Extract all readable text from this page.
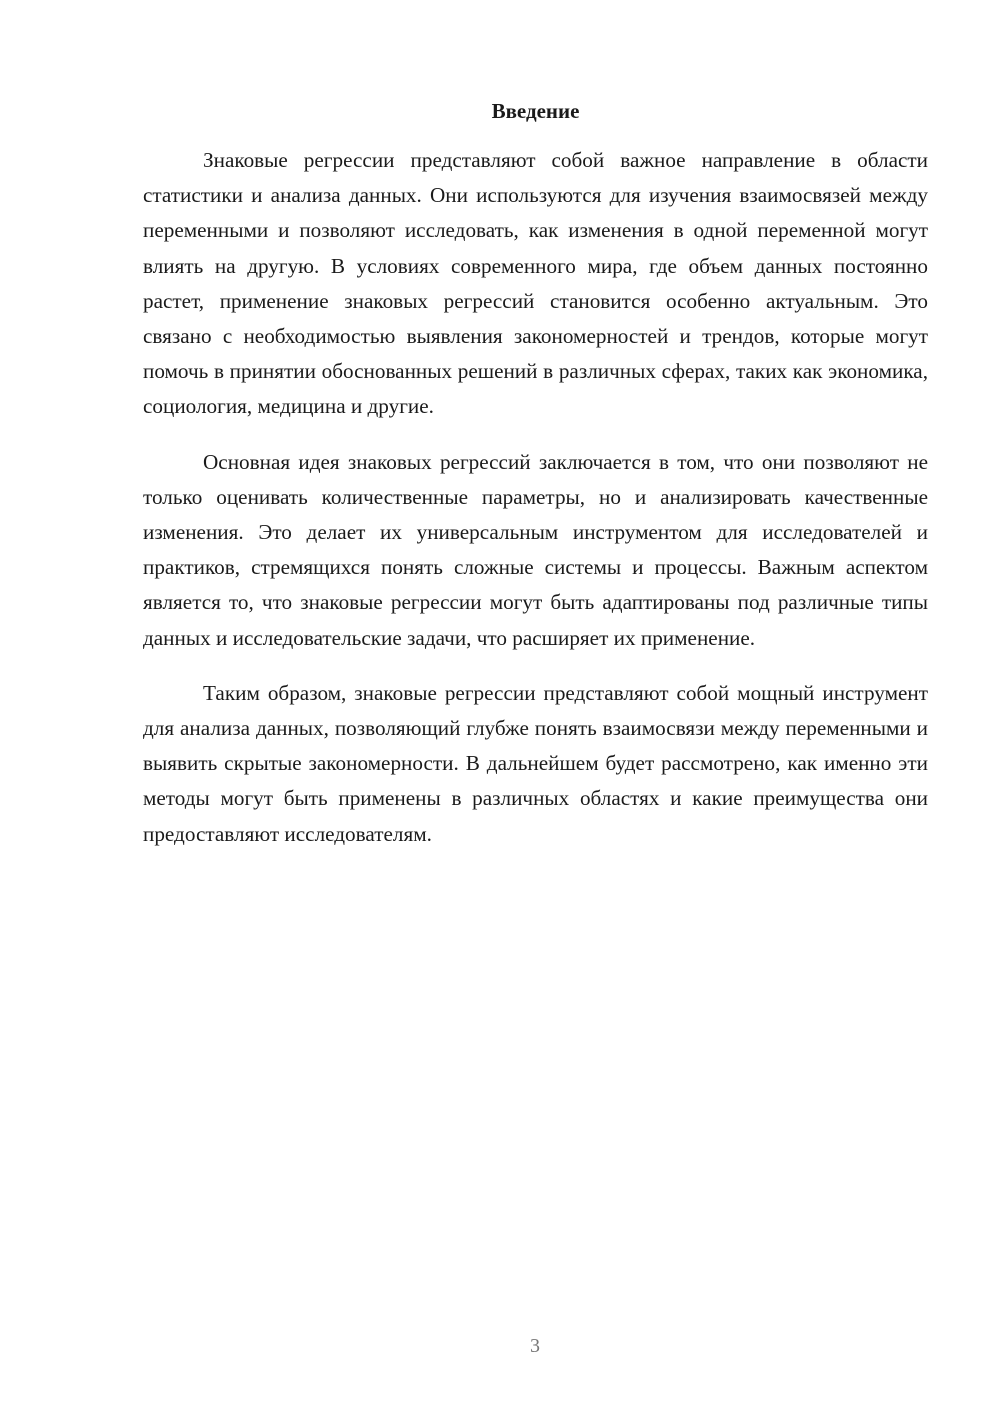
Введение

Знаковые регрессии представляют собой важное направление в области статистики и анализа данных. Они используются для изучения взаимосвязей между переменными и позволяют исследовать, как изменения в одной переменной могут влиять на другую. В условиях современного мира, где объем данных постоянно растет, применение знаковых регрессий становится особенно актуальным. Это связано с необходимостью выявления закономерностей и трендов, которые могут помочь в принятии обоснованных решений в различных сферах, таких как экономика, социология, медицина и другие.

Основная идея знаковых регрессий заключается в том, что они позволяют не только оценивать количественные параметры, но и анализировать качественные изменения. Это делает их универсальным инструментом для исследователей и практиков, стремящихся понять сложные системы и процессы. Важным аспектом является то, что знаковые регрессии могут быть адаптированы под различные типы данных и исследовательские задачи, что расширяет их применение.

Таким образом, знаковые регрессии представляют собой мощный инструмент для анализа данных, позволяющий глубже понять взаимосвязи между переменными и выявить скрытые закономерности. В дальнейшем будет рассмотрено, как именно эти методы могут быть применены в различных областях и какие преимущества они предоставляют исследователям.

3
